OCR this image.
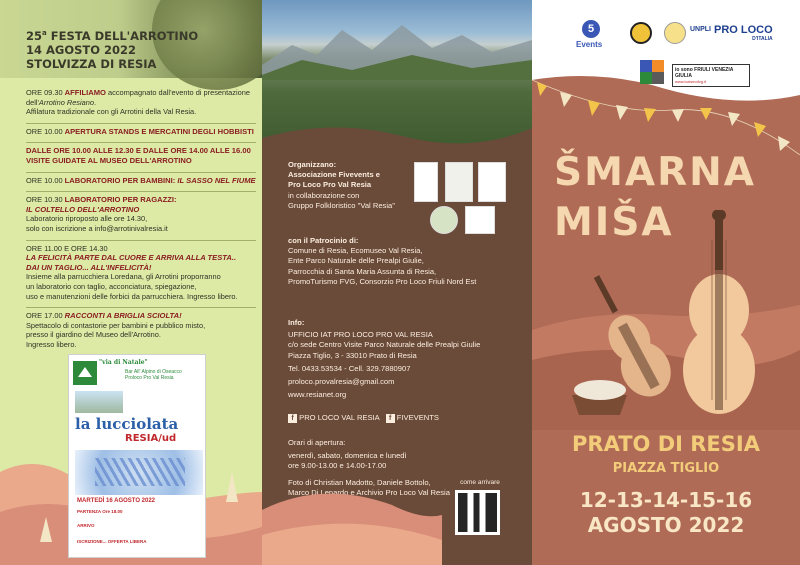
25$^a$ FESTA DELL'ARROTINO
14 AGOSTO 2022
STOLVIZZA DI RESIA
ORE 09.30 AFFILIAMO accompagnato dall'evento di presentazione dell'Arrotino Resiano.
Affilatura tradizionale con gli Arrotini della Val Resia.
ORE 10.00 APERTURA STANDS E MERCATINI DEGLI HOBBISTI
DALLE ORE 10.00 ALLE 12.30 E DALLE ORE 14.00 ALLE 16.00
VISITE GUIDATE AL MUSEO DELL'ARROTINO
ORE 10.00 LABORATORIO PER BAMBINI: IL SASSO NEL FIUME
ORE 10.30 LABORATORIO PER RAGAZZI:
IL COLTELLO DELL'ARROTINO
Laboratorio riproposto alle ore 14.30,
solo con iscrizione a info@arrotinivalresia.it
ORE 11.00 E ORE 14.30
LA FELICITÀ PARTE DAL CUORE E ARRIVA ALLA TESTA..
DAI UN TAGLIO... ALL'INFELICITÀ!
Insieme alla parrucchiera Loredana, gli Arrotini proporranno
un laboratorio con taglio, acconciatura, spiegazione,
uso e manutenzioni delle forbici da parrucchiera. Ingresso libero.
ORE 17.00 RACCONTI A BRIGLIA SCIOLTA!
Spettacolo di contastorie per bambini e pubblico misto,
presso il giardino del Museo dell'Arrotino.
Ingresso libero.
"via di Natale"
Bar All' Alpino di Oseacco
Proloco Pro Val Resia
la lucciolata
RESIA/ud
MARTEDÌ 16 AGOSTO 2022
PARTENZA Ore 18.00
ARRIVO
ISCRIZIONE... OFFERTA LIBERA
Organizzano:
Associazione Fivevents e
Pro Loco Pro Val Resia
in collaborazione con
Gruppo Folkloristico "Val Resia"
con il Patrocinio di:
Comune di Resia, Ecomuseo Val Resia,
Ente Parco Naturale delle Prealpi Giulie,
Parrocchia di Santa Maria Assunta di Resia,
PromoTurismo FVG, Consorzio Pro Loco Friuli Nord Est
Info:
UFFICIO IAT PRO LOCO PRO VAL RESIA
c/o sede Centro Visite Parco Naturale delle Prealpi Giulie
Piazza Tiglio, 3 - 33010 Prato di Resia
Tel. 0433.53534 - Cell. 329.7880907
proloco.provalresia@gmail.com
www.resianet.org
f PRO LOCO VAL RESIA f FIVEVENTS
Orari di apertura:
venerdì, sabato, domenica e lunedì
ore 9.00-13.00 e 14.00-17.00
Foto di Christian Madotto, Daniele Bottolo,
Marco Di Lenardo e Archivio Pro Loco Val Resia
come arrivare
5
Events
UNPLI PRO LOCO
D'ITALIA
io sono FRIULI VENEZIA GIULIA
www.turismofvg.it
ŠMARNA
MIŠA
PRATO DI RESIA
PIAZZA TIGLIO
12-13-14-15-16
AGOSTO 2022
